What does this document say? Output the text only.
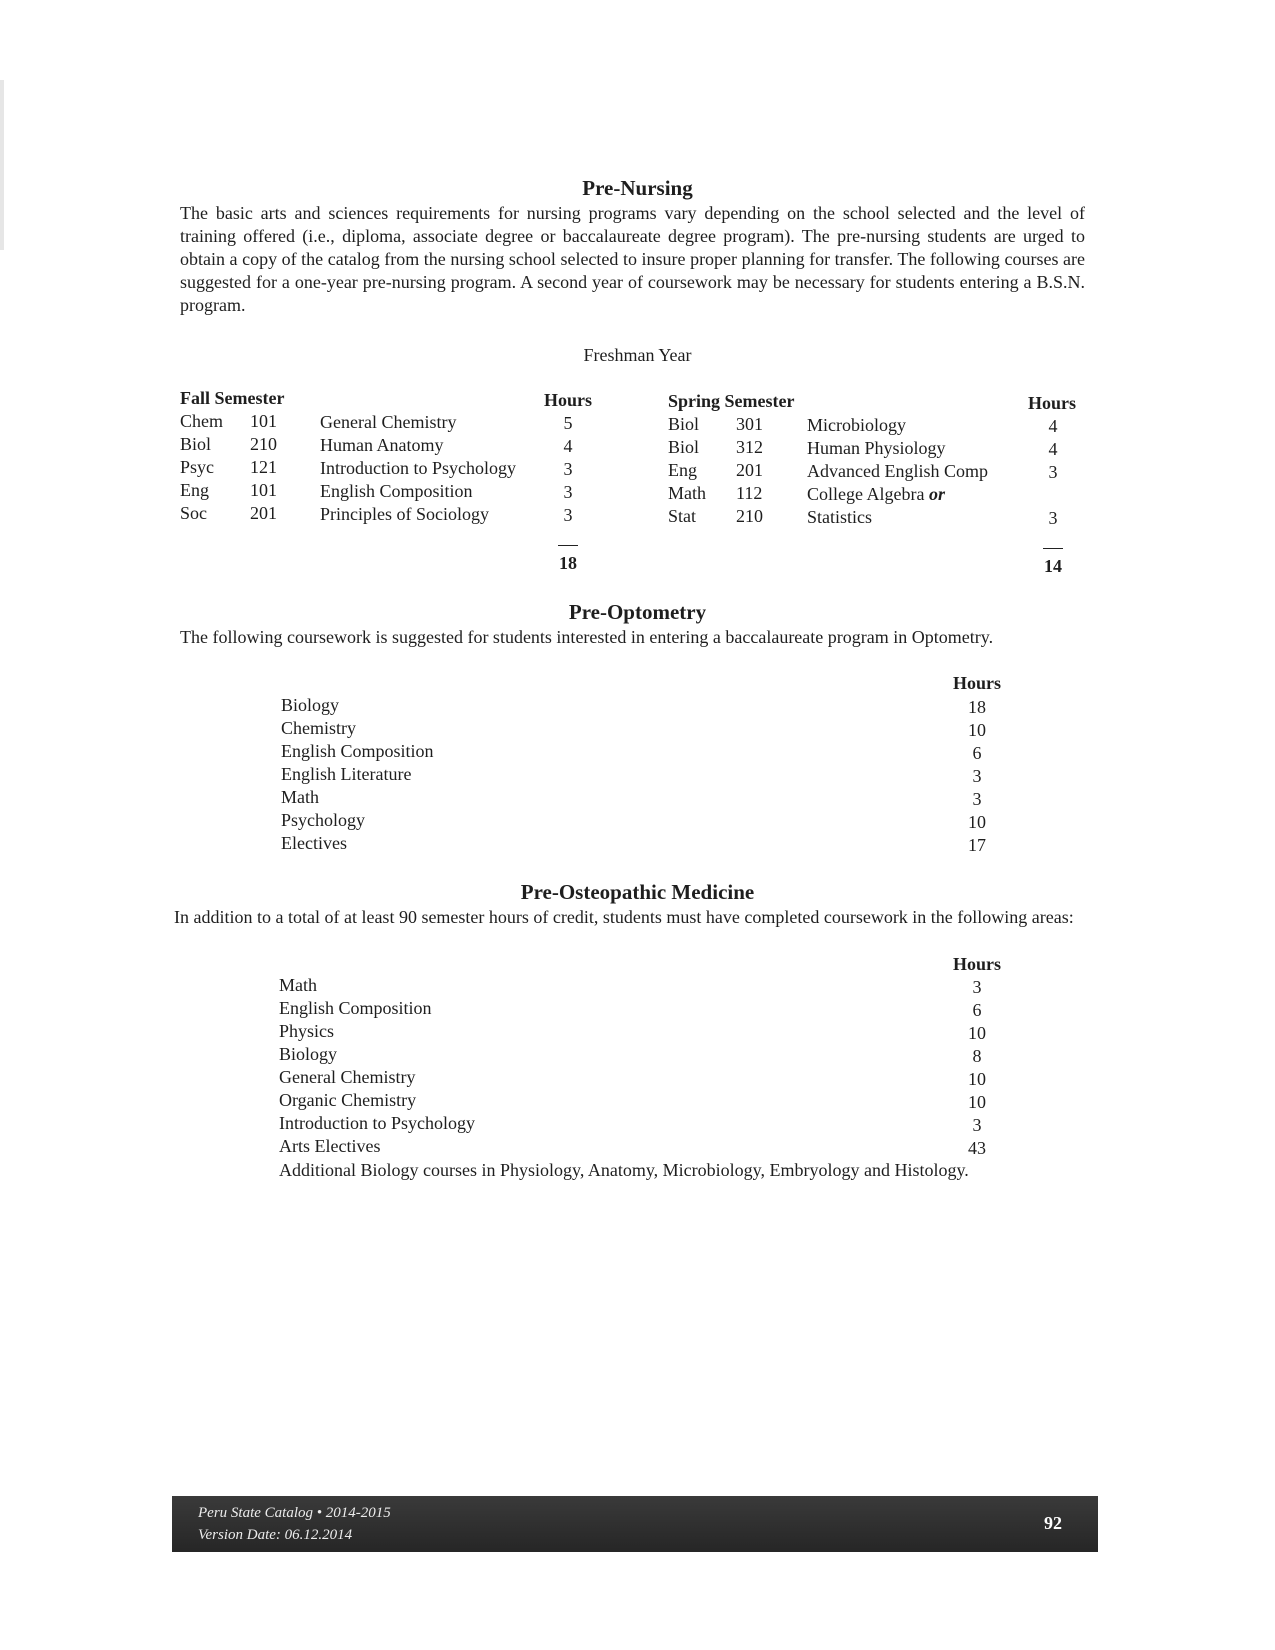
Pre-Nursing

The basic arts and sciences requirements for nursing programs vary depending on the school selected and the level of training offered (i.e., diploma, associate degree or baccalaureate degree program). The pre-nursing students are urged to obtain a copy of the catalog from the nursing school selected to insure proper planning for transfer. The following courses are suggested for a one-year pre-nursing program. A second year of coursework may be necessary for students entering a B.S.N. program.

Freshman Year
Fall Semester	Hours
Chem 101 General Chemistry	5
Biol 210 Human Anatomy	4
Psyc 121 Introduction to Psychology	3
Eng 101 English Composition	3
Soc 201 Principles of Sociology	3
18
Spring Semester	Hours
Biol 301 Microbiology	4
Biol 312 Human Physiology	4
Eng 201 Advanced English Comp	3
Math 112 College Algebra or
Stat 210 Statistics	3
14
Pre-Optometry

The following coursework is suggested for students interested in entering a baccalaureate program in Optometry.

Hours
Biology	18
Chemistry	10
English Composition	6
English Literature	3
Math	3
Psychology	10
Electives	17
Pre-Osteopathic Medicine

In addition to a total of at least 90 semester hours of credit, students must have completed coursework in the following areas:

Hours
Math	3
English Composition	6
Physics	10
Biology	8
General Chemistry	10
Organic Chemistry	10
Introduction to Psychology	3
Arts Electives	43
Additional Biology courses in Physiology, Anatomy, Microbiology, Embryology and Histology.
Peru State Catalog • 2014-2015
Version Date: 06.12.2014
92
